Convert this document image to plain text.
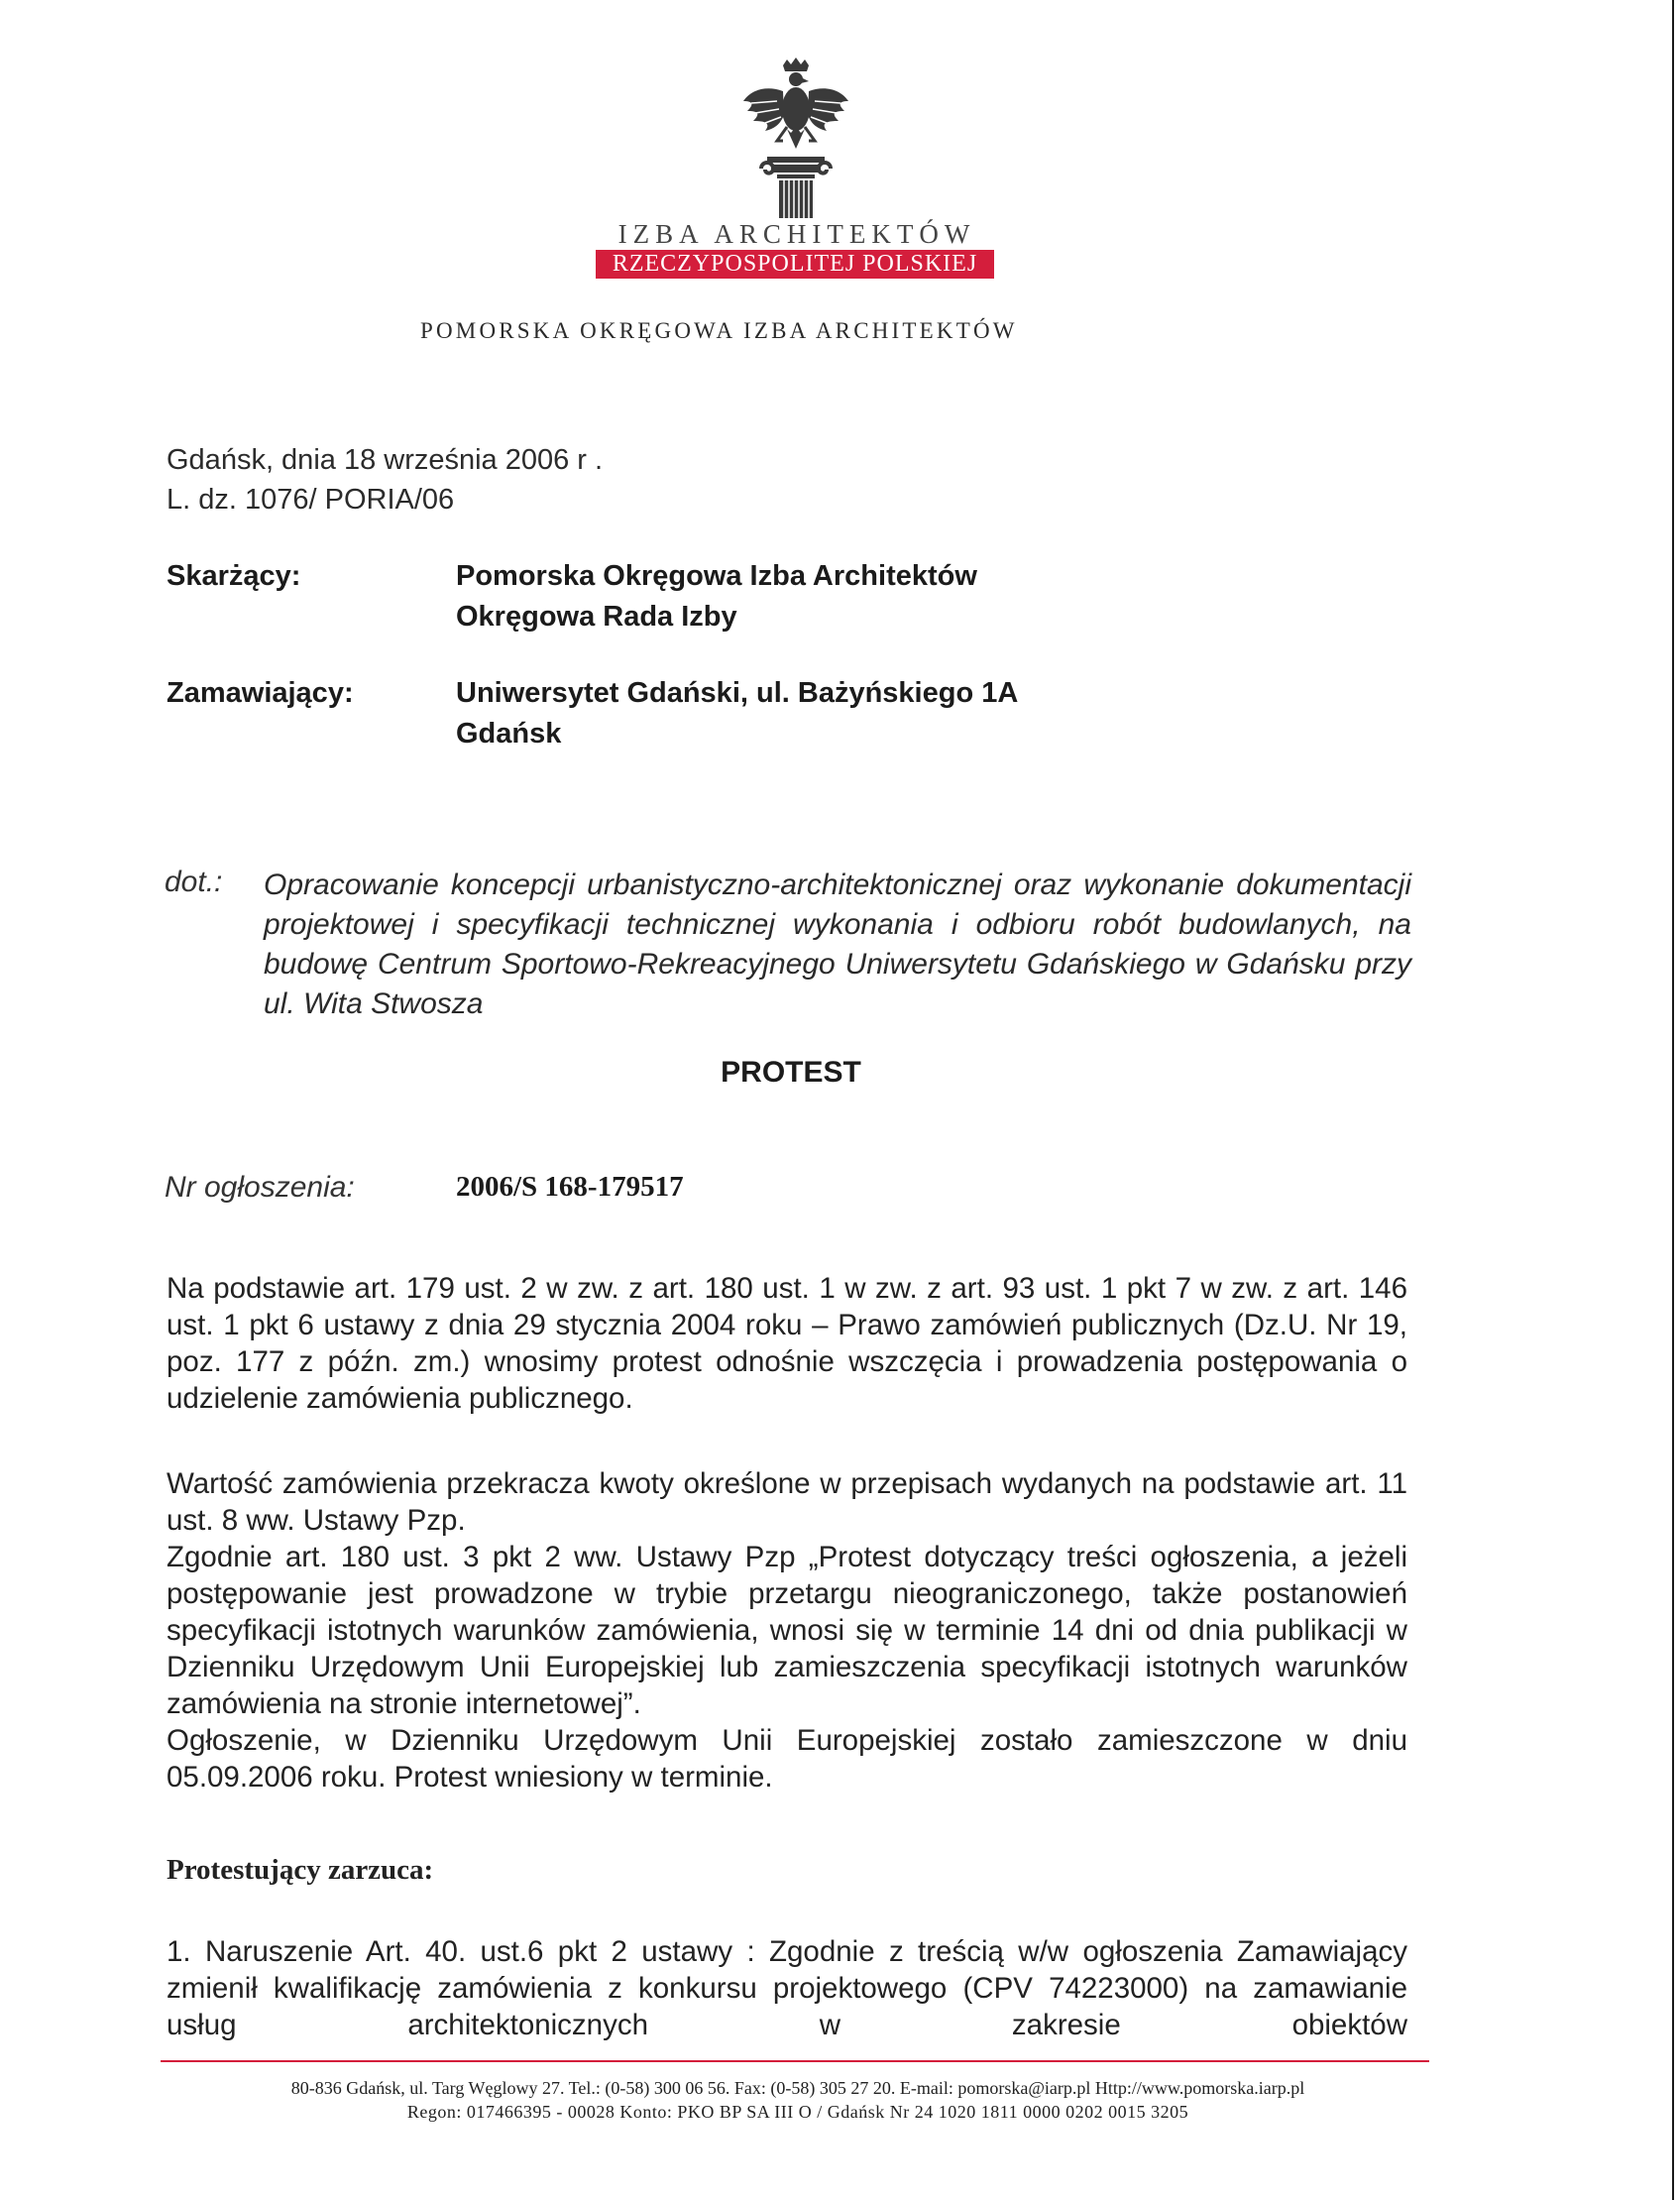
IZBA ARCHITEKTÓW
RZECZYPOSPOLITEJ POLSKIEJ
POMORSKA OKRĘGOWA IZBA ARCHITEKTÓW
Gdańsk, dnia 18 września 2006 r .
L. dz. 1076/ PORIA/06
Skarżący:	Pomorska Okręgowa Izba Architektów
Okręgowa Rada Izby
Zamawiający:	Uniwersytet Gdański, ul. Bażyńskiego 1A
Gdańsk
dot.: Opracowanie koncepcji urbanistyczno-architektonicznej oraz wykonanie dokumentacji projektowej i specyfikacji technicznej wykonania i odbioru robót budowlanych, na budowę Centrum Sportowo-Rekreacyjnego Uniwersytetu Gdańskiego w Gdańsku przy ul. Wita Stwosza
PROTEST
Nr ogłoszenia:	2006/S 168-179517
Na podstawie art. 179 ust. 2 w zw. z art. 180 ust. 1 w zw. z art. 93 ust. 1 pkt 7 w zw. z art. 146 ust. 1 pkt 6 ustawy z dnia 29 stycznia 2004 roku – Prawo zamówień publicznych (Dz.U. Nr 19, poz. 177 z późn. zm.) wnosimy protest odnośnie wszczęcia i prowadzenia postępowania o udzielenie zamówienia publicznego.
Wartość zamówienia przekracza kwoty określone w przepisach wydanych na podstawie art. 11 ust. 8 ww. Ustawy Pzp.
Zgodnie art. 180 ust. 3 pkt 2 ww. Ustawy Pzp „Protest dotyczący treści ogłoszenia, a jeżeli postępowanie jest prowadzone w trybie przetargu nieograniczonego, także postanowień specyfikacji istotnych warunków zamówienia, wnosi się w terminie 14 dni od dnia publikacji w Dzienniku Urzędowym Unii Europejskiej lub zamieszczenia specyfikacji istotnych warunków zamówienia na stronie internetowej”.
Ogłoszenie, w Dzienniku Urzędowym Unii Europejskiej zostało zamieszczone w dniu 05.09.2006 roku. Protest wniesiony w terminie.
Protestujący zarzuca:
1. Naruszenie Art. 40. ust.6 pkt 2 ustawy : Zgodnie z treścią w/w ogłoszenia Zamawiający zmienił kwalifikację zamówienia z konkursu projektowego (CPV 74223000) na zamawianie usług architektonicznych w zakresie obiektów
80-836 Gdańsk, ul. Targ Węglowy 27. Tel.: (0-58) 300 06 56. Fax: (0-58) 305 27 20. E-mail: pomorska@iarp.pl Http://www.pomorska.iarp.pl
Regon: 017466395 - 00028 Konto: PKO BP SA III O / Gdańsk Nr 24 1020 1811 0000 0202 0015 3205
